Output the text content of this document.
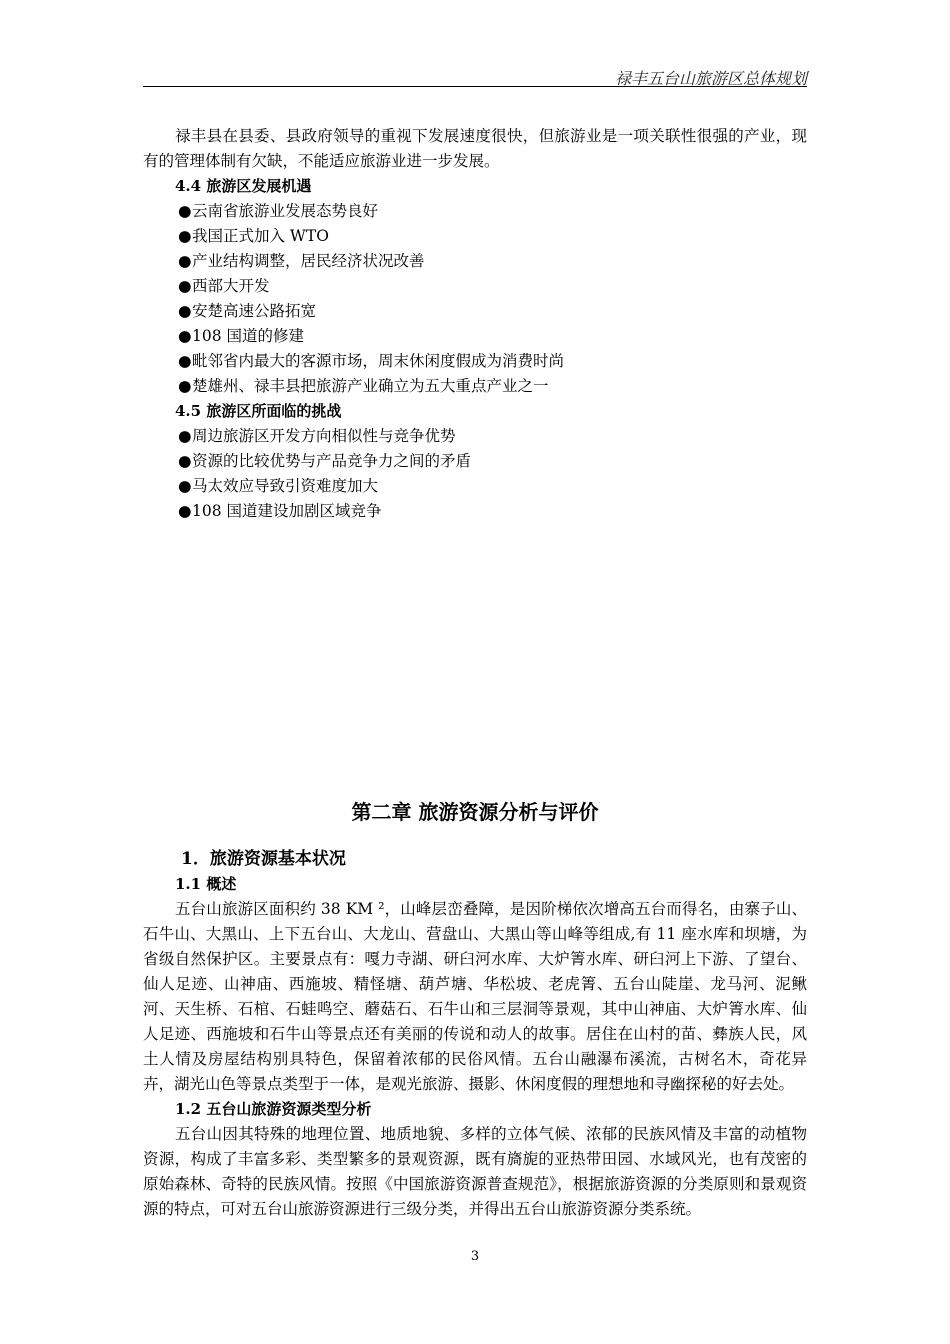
禄丰五台山旅游区总体规划

禄丰县在县委、县政府领导的重视下发展速度很快，但旅游业是一项关联性很强的产业，现有的管理体制有欠缺，不能适应旅游业进一步发展。

4.4 旅游区发展机遇

●云南省旅游业发展态势良好

●我国正式加入 WTO

●产业结构调整，居民经济状况改善

●西部大开发

●安楚高速公路拓宽

●108 国道的修建

●毗邻省内最大的客源市场，周末休闲度假成为消费时尚

●楚雄州、禄丰县把旅游产业确立为五大重点产业之一

4.5 旅游区所面临的挑战

●周边旅游区开发方向相似性与竞争优势

●资源的比较优势与产品竞争力之间的矛盾

●马太效应导致引资难度加大

●108 国道建设加剧区域竞争

第二章 旅游资源分析与评价

1．旅游资源基本状况

1.1 概述

五台山旅游区面积约 38 KM ²，山峰层峦叠障，是因阶梯依次增高五台而得名，由寨子山、石牛山、大黑山、上下五台山、大龙山、营盘山、大黑山等山峰等组成,有 11 座水库和坝塘，为省级自然保护区。主要景点有：嘎力寺湖、研臼河水库、大炉箐水库、研臼河上下游、了望台、仙人足迹、山神庙、西施坡、精怪塘、葫芦塘、华松坡、老虎箐、五台山陡崖、龙马河、泥鳅河、天生桥、石棺、石蛙鸣空、蘑菇石、石牛山和三层洞等景观，其中山神庙、大炉箐水库、仙人足迹、西施坡和石牛山等景点还有美丽的传说和动人的故事。居住在山村的苗、彝族人民，风土人情及房屋结构别具特色，保留着浓郁的民俗风情。五台山融瀑布溪流，古树名木，奇花异卉，湖光山色等景点类型于一体，是观光旅游、摄影、休闲度假的理想地和寻幽探秘的好去处。

1.2 五台山旅游资源类型分析

五台山因其特殊的地理位置、地质地貌、多样的立体气候、浓郁的民族风情及丰富的动植物资源，构成了丰富多彩、类型繁多的景观资源，既有旖旎的亚热带田园、水域风光，也有茂密的原始森林、奇特的民族风情。按照《中国旅游资源普查规范》，根据旅游资源的分类原则和景观资源的特点，可对五台山旅游资源进行三级分类，并得出五台山旅游资源分类系统。

3
